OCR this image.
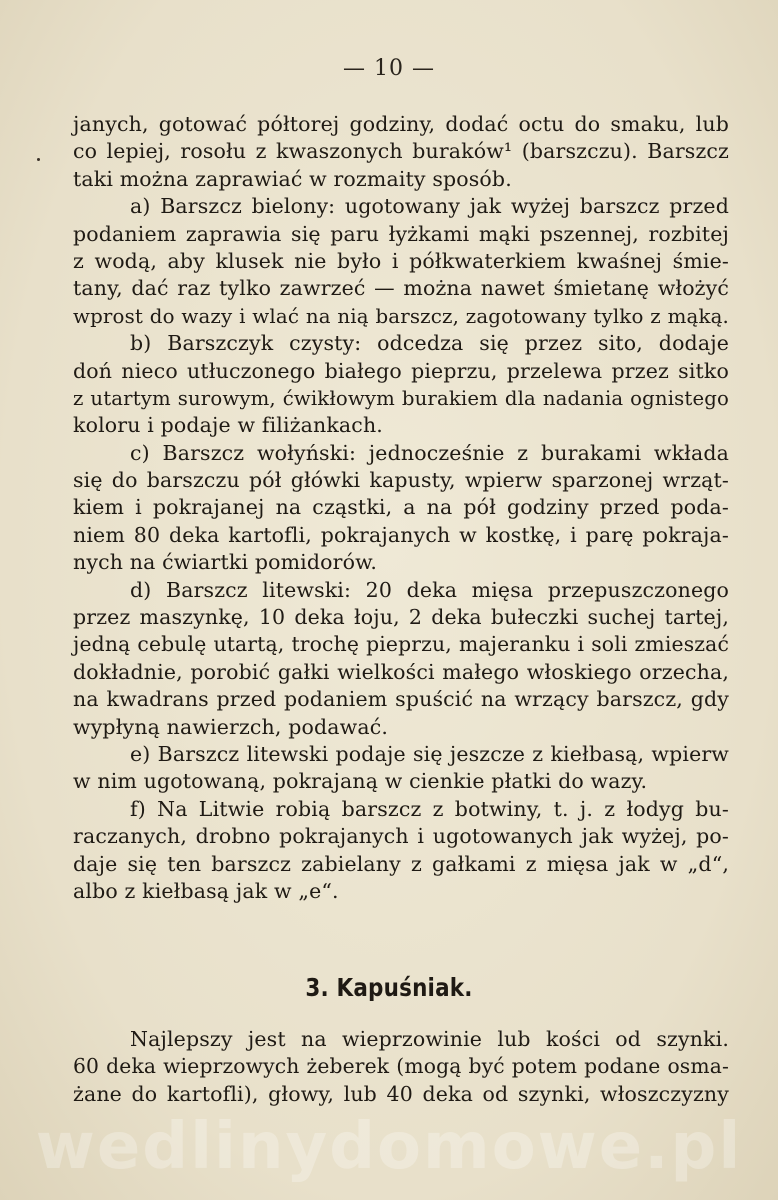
— 10 —
janych, gotować półtorej godziny, dodać octu do smaku, lub
co lepiej, rosołu z kwaszonych buraków¹ (barszczu). Barszcz
taki można zaprawiać w rozmaity sposób.
a) Barszcz bielony: ugotowany jak wyżej barszcz przed
podaniem zaprawia się paru łyżkami mąki pszennej, rozbitej
z wodą, aby klusek nie było i półkwaterkiem kwaśnej śmie-
tany, dać raz tylko zawrzeć — można nawet śmietanę włożyć
wprost do wazy i wlać na nią barszcz, zagotowany tylko z mąką.
b) Barszczyk czysty: odcedza się przez sito, dodaje
doń nieco utłuczonego białego pieprzu, przelewa przez sitko
z utartym surowym, ćwikłowym burakiem dla nadania ognistego
koloru i podaje w filiżankach.
c) Barszcz wołyński: jednocześnie z burakami wkłada
się do barszczu pół główki kapusty, wpierw sparzonej wrząt-
kiem i pokrajanej na cząstki, a na pół godziny przed poda-
niem 80 deka kartofli, pokrajanych w kostkę, i parę pokraja-
nych na ćwiartki pomidorów.
d) Barszcz litewski: 20 deka mięsa przepuszczonego
przez maszynkę, 10 deka łoju, 2 deka bułeczki suchej tartej,
jedną cebulę utartą, trochę pieprzu, majeranku i soli zmieszać
dokładnie, porobić gałki wielkości małego włoskiego orzecha,
na kwadrans przed podaniem spuścić na wrzący barszcz, gdy
wypłyną nawierzch, podawać.
e) Barszcz litewski podaje się jeszcze z kiełbasą, wpierw
w nim ugotowaną, pokrajaną w cienkie płatki do wazy.
f) Na Litwie robią barszcz z botwiny, t. j. z łodyg bu-
raczanych, drobno pokrajanych i ugotowanych jak wyżej, po-
daje się ten barszcz zabielany z gałkami z mięsa jak w „d“,
albo z kiełbasą jak w „e“.
3. Kapuśniak.
Najlepszy jest na wieprzowinie lub kości od szynki.
60 deka wieprzowych żeberek (mogą być potem podane osma-
żane do kartofli), głowy, lub 40 deka od szynki, włoszczyzny
wedlinydomowe.pl
